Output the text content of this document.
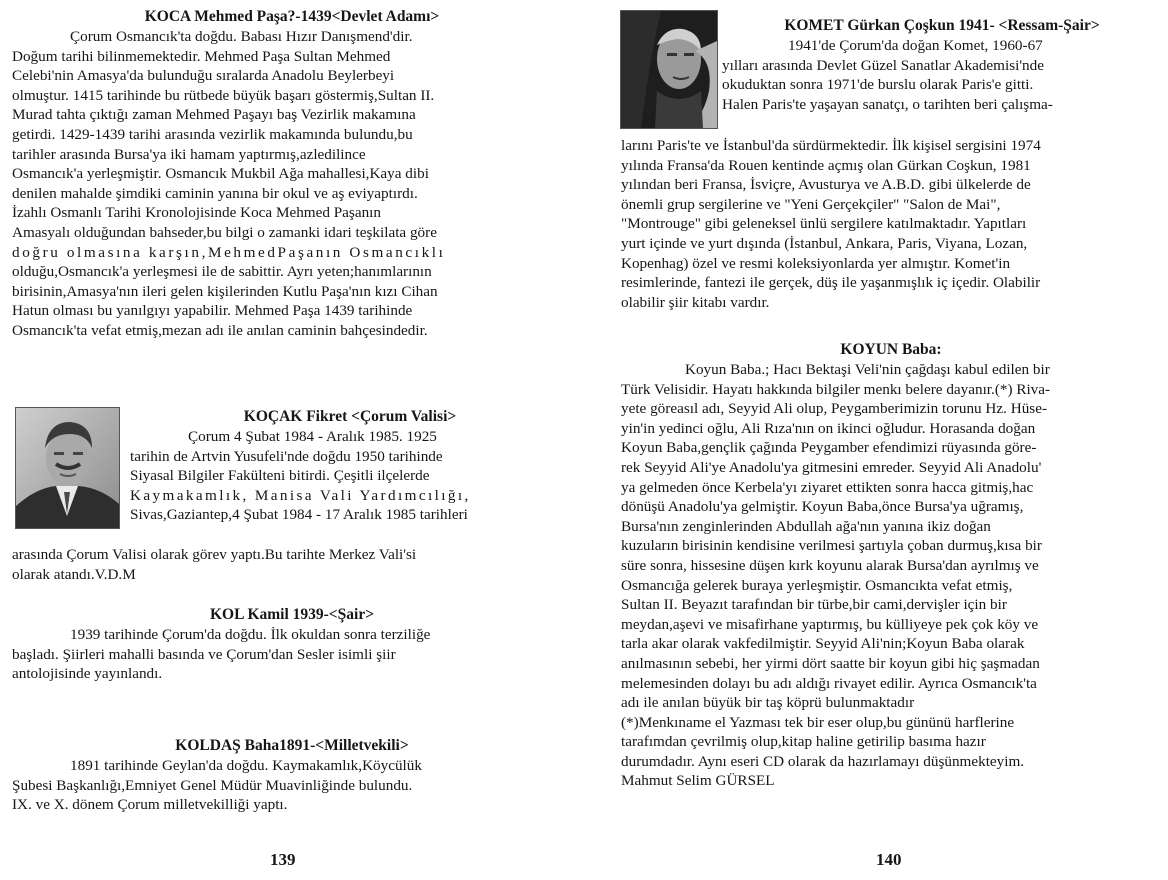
KOCA Mehmed Paşa?-1439<Devlet Adamı>
Çorum Osmancık'ta doğdu. Babası Hızır Danışmend'dir.
Doğum tarihi bilinmemektedir. Mehmed Paşa Sultan Mehmed
Celebi'nin Amasya'da bulunduğu sıralarda Anadolu Beylerbeyi
olmuştur. 1415 tarihinde bu rütbede büyük başarı göstermiş,Sultan II.
Murad tahta çıktığı zaman Mehmed Paşayı baş Vezirlik makamına
getirdi. 1429-1439 tarihi arasında vezirlik makamında bulundu,bu
tarihler arasında Bursa'ya iki hamam yaptırmış,azledilince
Osmancık'a yerleşmiştir. Osmancık Mukbil Ağa mahallesi,Kaya dibi
denilen mahalde şimdiki caminin yanına bir okul ve aş eviyaptırdı.
İzahlı Osmanlı Tarihi Kronolojisinde Koca Mehmed Paşanın
Amasyalı olduğundan bahseder,bu bilgi o zamanki idari teşkilata göre
doğru olmasına karşın,MehmedPaşanın Osmancıklı
olduğu,Osmancık'a yerleşmesi ile de sabittir. Ayrı yeten;hanımlarının
birisinin,Amasya'nın ileri gelen kişilerinden Kutlu Paşa'nın kızı Cihan
Hatun olması bu yanılgıyı yapabilir. Mehmed Paşa 1439 tarihinde
Osmancık'ta vefat etmiş,mezan adı ile anılan caminin bahçesindedir.
KOÇAK Fikret <Çorum Valisi>
Çorum 4 Şubat 1984 - Aralık 1985. 1925
tarihin de Artvin Yusufeli'nde doğdu 1950 tarihinde
Siyasal Bilgiler Fakülteni bitirdi. Çeşitli ilçelerde
Kaymakamlık, Manisa Vali Yardımcılığı,
Sivas,Gaziantep,4 Şubat 1984 - 17 Aralık 1985 tarihleri
arasında Çorum Valisi olarak görev yaptı.Bu tarihte Merkez Vali'si
olarak atandı.V.D.M
KOL Kamil 1939-<Şair>
1939 tarihinde Çorum'da doğdu. İlk okuldan sonra terziliğe
başladı. Şiirleri mahalli basında ve Çorum'dan Sesler isimli şiir
antolojisinde yayınlandı.
KOLDAŞ Baha1891-<Milletvekili>
1891 tarihinde Geylan'da doğdu. Kaymakamlık,Köycülük
Şubesi Başkanlığı,Emniyet Genel Müdür Muavinliğinde bulundu.
IX. ve X. dönem Çorum milletvekilliği yaptı.
139
KOMET Gürkan Çoşkun 1941- <Ressam-Şair>
1941'de Çorum'da doğan Komet, 1960-67
yılları arasında Devlet Güzel Sanatlar Akademisi'nde
okuduktan sonra 1971'de burslu olarak Paris'e gitti.
Halen Paris'te yaşayan sanatçı, o tarihten beri çalışma-
larını Paris'te ve İstanbul'da sürdürmektedir. İlk kişisel sergisini 1974
yılında Fransa'da Rouen kentinde açmış olan Gürkan Coşkun, 1981
yılından beri Fransa, İsviçre, Avusturya ve A.B.D. gibi ülkelerde de
önemli grup sergilerine ve "Yeni Gerçekçiler" "Salon de Mai",
"Montrouge" gibi geleneksel ünlü sergilere katılmaktadır. Yapıtları
yurt içinde ve yurt dışında (İstanbul, Ankara, Paris, Viyana, Lozan,
Kopenhag) özel ve resmi koleksiyonlarda yer almıştır. Komet'in
resimlerinde, fantezi ile gerçek, düş ile yaşanmışlık iç içedir. Olabilir
olabilir şiir kitabı vardır.
KOYUN Baba:
Koyun Baba.; Hacı Bektaşi Veli'nin çağdaşı kabul edilen bir
Türk Velisidir. Hayatı hakkında bilgiler menkı belere dayanır.(*) Riva-
yete göreasıl adı, Seyyid Ali olup, Peygamberimizin torunu Hz. Hüse-
yin'in yedinci oğlu, Ali Rıza'nın on ikinci oğludur. Horasanda doğan
Koyun Baba,gençlik çağında Peygamber efendimizi rüyasında göre-
rek Seyyid Ali'ye Anadolu'ya gitmesini emreder. Seyyid Ali Anadolu'
ya gelmeden önce Kerbela'yı ziyaret ettikten sonra hacca gitmiş,hac
dönüşü Anadolu'ya gelmiştir. Koyun Baba,önce Bursa'ya uğramış,
Bursa'nın zenginlerinden Abdullah ağa'nın yanına ikiz doğan
kuzuların birisinin kendisine verilmesi şartıyla çoban durmuş,kısa bir
süre sonra, hissesine düşen kırk koyunu alarak Bursa'dan ayrılmış ve
Osmancığa gelerek buraya yerleşmiştir. Osmancıkta vefat etmiş,
Sultan II. Beyazıt tarafından bir türbe,bir cami,dervişler için bir
meydan,aşevi ve misafirhane yaptırmış, bu külliyeye pek çok köy ve
tarla akar olarak vakfedilmiştir. Seyyid Ali'nin;Koyun Baba olarak
anılmasının sebebi, her yirmi dört saatte bir koyun gibi hiç şaşmadan
melemesinden dolayı bu adı aldığı rivayet edilir. Ayrıca Osmancık'ta
adı ile anılan büyük bir taş köprü bulunmaktadır
(*)Menkıname el Yazması tek bir eser olup,bu gününü harflerine
tarafımdan çevrilmiş olup,kitap haline getirilip basıma hazır
durumdadır. Aynı eseri CD olarak da hazırlamayı düşünmekteyim.
Mahmut Selim GÜRSEL
140
